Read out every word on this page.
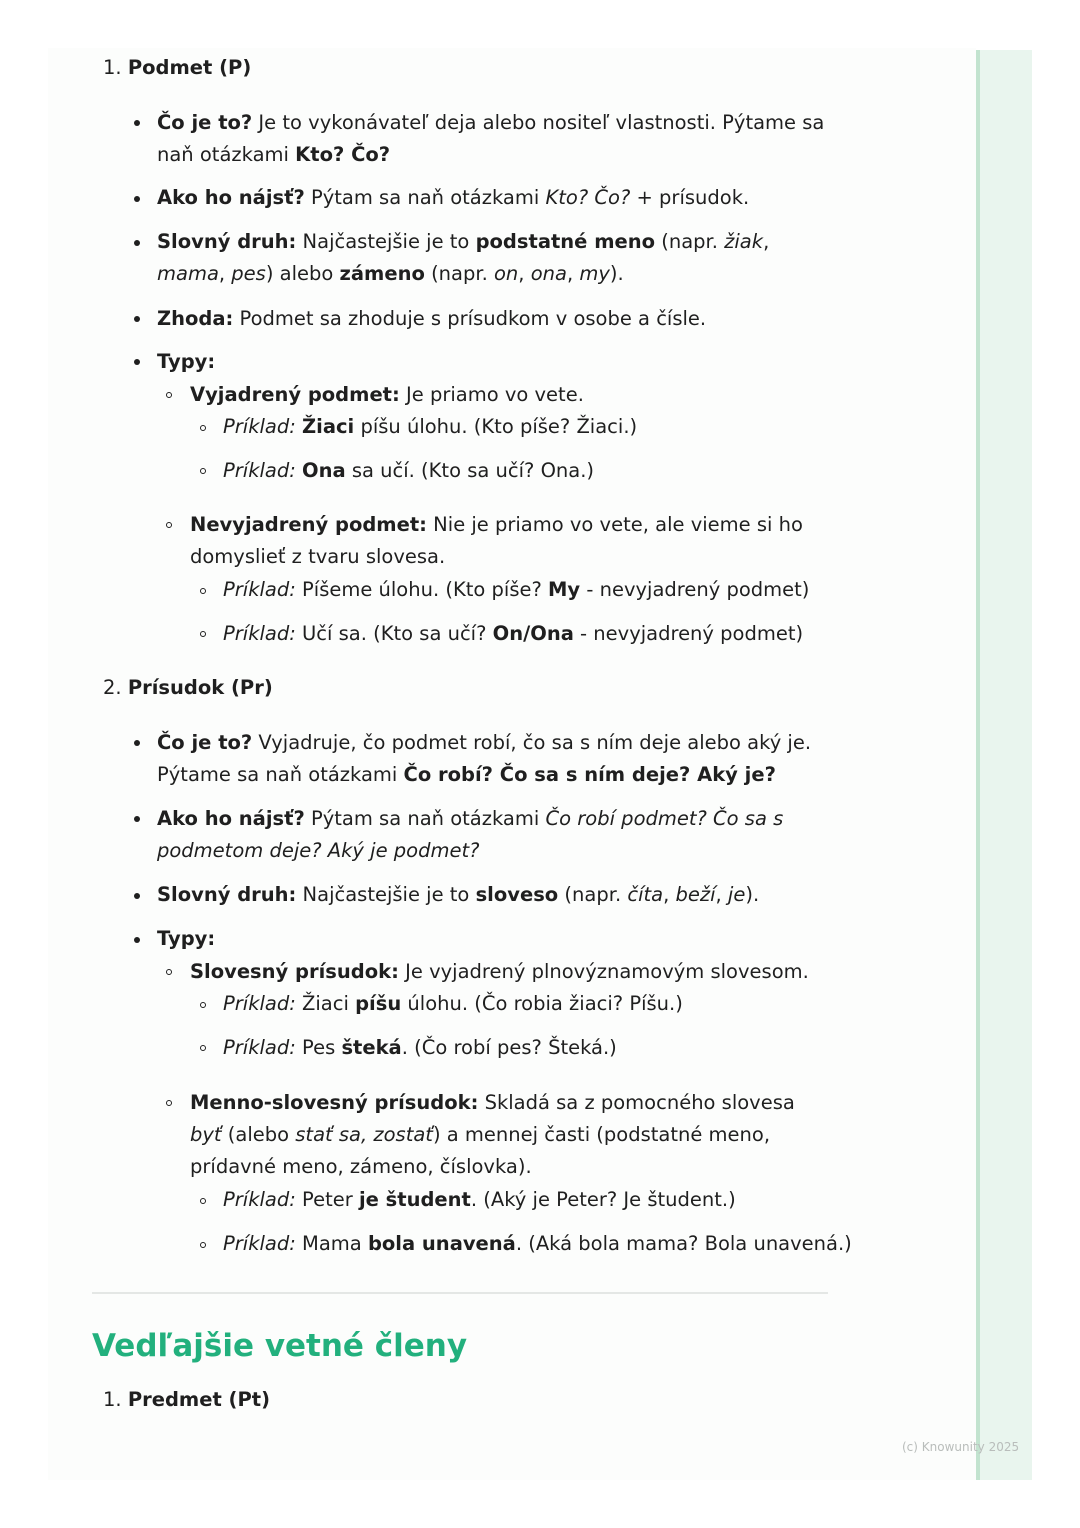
1. Podmet (P)
Čo je to? Je to vykonávateľ deja alebo nositeľ vlastnosti. Pýtame sa naň otázkami Kto? Čo?
Ako ho nájsť? Pýtam sa naň otázkami Kto? Čo? + prísudok.
Slovný druh: Najčastejšie je to podstatné meno (napr. žiak, mama, pes) alebo zámeno (napr. on, ona, my).
Zhoda: Podmet sa zhoduje s prísudkom v osobe a čísle.
Typy:
Vyjadrený podmet: Je priamo vo vete.
Príklad: Žiaci píšu úlohu. (Kto píše? Žiaci.)
Príklad: Ona sa učí. (Kto sa učí? Ona.)
Nevyjadrený podmet: Nie je priamo vo vete, ale vieme si ho domyslieť z tvaru slovesa.
Príklad: Píšeme úlohu. (Kto píše? My - nevyjadrený podmet)
Príklad: Učí sa. (Kto sa učí? On/Ona - nevyjadrený podmet)
2. Prísudok (Pr)
Čo je to? Vyjadruje, čo podmet robí, čo sa s ním deje alebo aký je. Pýtame sa naň otázkami Čo robí? Čo sa s ním deje? Aký je?
Ako ho nájsť? Pýtam sa naň otázkami Čo robí podmet? Čo sa s podmetom deje? Aký je podmet?
Slovný druh: Najčastejšie je to sloveso (napr. číta, beží, je).
Typy:
Slovesný prísudok: Je vyjadrený plnovýznamovým slovesom.
Príklad: Žiaci píšu úlohu. (Čo robia žiaci? Píšu.)
Príklad: Pes šteká. (Čo robí pes? Šteká.)
Menno-slovesný prísudok: Skladá sa z pomocného slovesa byť (alebo stať sa, zostať) a mennej časti (podstatné meno, prídavné meno, zámeno, číslovka).
Príklad: Peter je študent. (Aký je Peter? Je študent.)
Príklad: Mama bola unavená. (Aká bola mama? Bola unavená.)
Vedľajšie vetné členy
1. Predmet (Pt)
(c) Knowunity 2025
